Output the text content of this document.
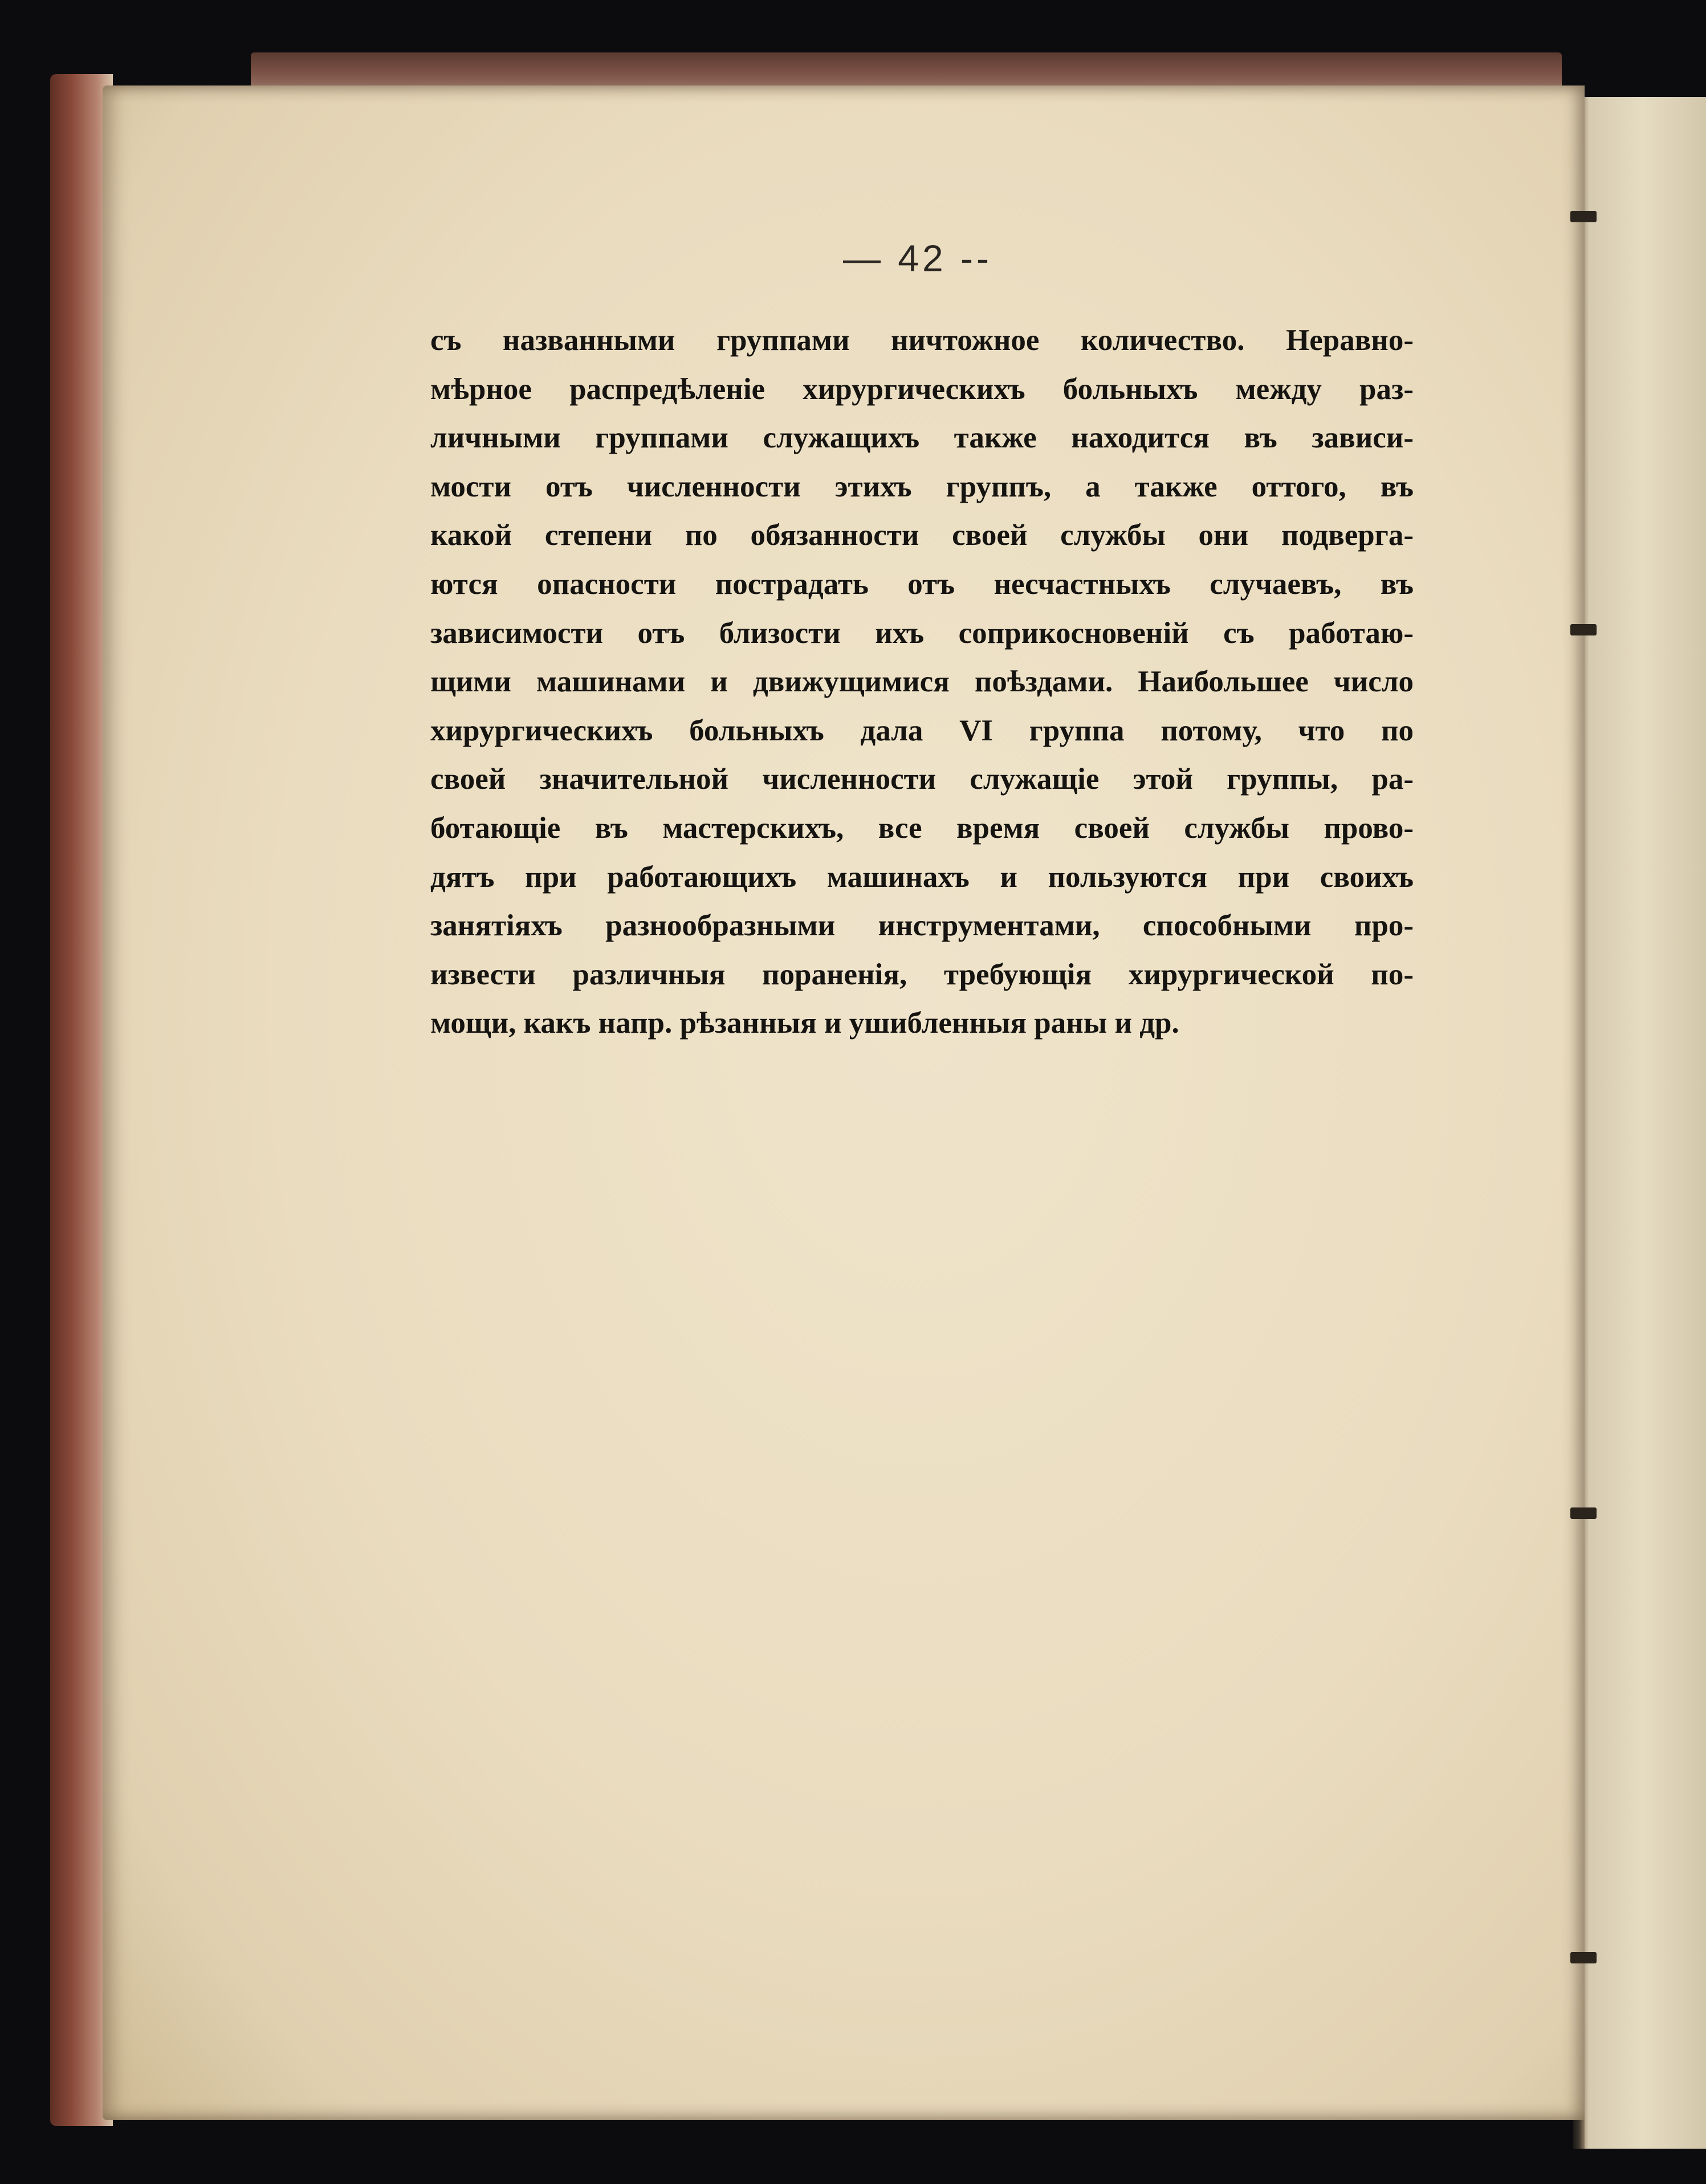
— 42 --
съ названными группами ничтожное количество. Неравно-
мѣрное распредѣленіе хирургическихъ больныхъ между раз-
личными группами служащихъ также находится въ зависи-
мости отъ численности этихъ группъ, а также оттого, въ
какой степени по обязанности своей службы они подверга-
ются опасности пострадать отъ несчастныхъ случаевъ, въ
зависимости отъ близости ихъ соприкосновеній съ работаю-
щими машинами и движущимися поѣздами. Наибольшее число
хирургическихъ больныхъ дала VI группа потому, что по
своей значительной численности служащіе этой группы, ра-
ботающіе въ мастерскихъ, все время своей службы прово-
дятъ при работающихъ машинахъ и пользуются при своихъ
занятіяхъ разнообразными инструментами, способными про-
извести различныя пораненія, требующія хирургической по-
мощи, какъ напр. рѣзанныя и ушибленныя раны и др.
